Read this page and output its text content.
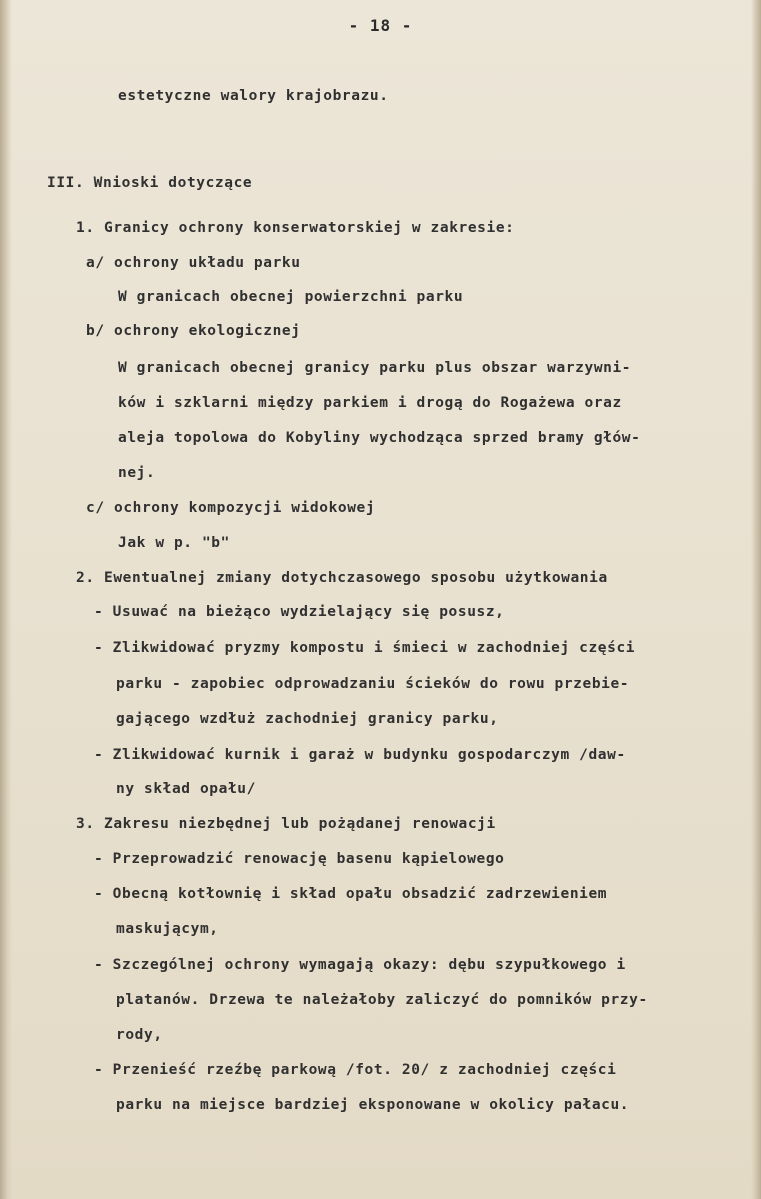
- 18 -
estetyczne walory krajobrazu.
III. Wnioski dotyczące
1. Granicy ochrony konserwatorskiej w zakresie:
a/ ochrony układu parku
W granicach obecnej powierzchni parku
b/ ochrony ekologicznej
W granicach obecnej granicy parku plus obszar warzywni-
ków i szklarni między parkiem i drogą do Rogażewa oraz
aleja topolowa do Kobyliny wychodząca sprzed bramy głów-
nej.
c/ ochrony kompozycji widokowej
Jak w p. "b"
2. Ewentualnej zmiany dotychczasowego sposobu użytkowania
- Usuwać na bieżąco wydzielający się posusz,
- Zlikwidować pryzmy kompostu i śmieci w zachodniej części
parku - zapobiec odprowadzaniu ścieków do rowu przebie-
gającego wzdłuż zachodniej granicy parku,
- Zlikwidować kurnik i garaż w budynku gospodarczym /daw-
ny skład opału/
3. Zakresu niezbędnej lub pożądanej renowacji
- Przeprowadzić renowację basenu kąpielowego
- Obecną kotłownię i skład opału obsadzić zadrzewieniem
maskującym,
- Szczególnej ochrony wymagają okazy: dębu szypułkowego i
platanów. Drzewa te należałoby zaliczyć do pomników przy-
rody,
- Przenieść rzeźbę parkową /fot. 20/ z zachodniej części
parku na miejsce bardziej eksponowane w okolicy pałacu.
